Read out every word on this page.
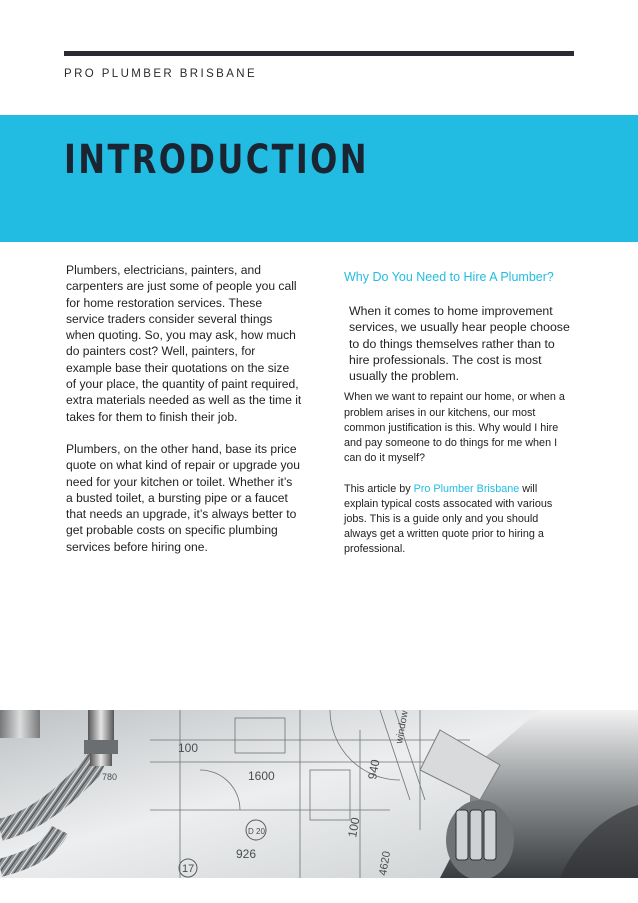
PRO PLUMBER BRISBANE
INTRODUCTION

Plumbers, electricians, painters, and carpenters are just some of people you call for home restoration services. These service traders consider several things when quoting. So, you may ask, how much do painters cost? Well, painters, for example base their quotations on the size of your place, the quantity of paint required, extra materials needed as well as the time it takes for them to finish their job.

Plumbers, on the other hand, base its price quote on what kind of repair or upgrade you need for your kitchen or toilet. Whether it’s a busted toilet, a bursting pipe or a faucet that needs an upgrade, it’s always better to get probable costs on specific plumbing services before hiring one.

Why Do You Need to Hire A Plumber?

When it comes to home improvement services, we usually hear people choose to do things themselves rather than to hire professionals. The cost is most usually the problem.

When we want to repaint our home, or when a problem arises in our kitchens, our most common justification is this. Why would I hire and pay someone to do things for me when I can do it myself?

This article by Pro Plumber Brisbane will explain typical costs assocated with various jobs. This is a guide only and you should always get a written quote prior to hiring a professional.

100
1600
926
940
100
window
4620
D 20
780
17
